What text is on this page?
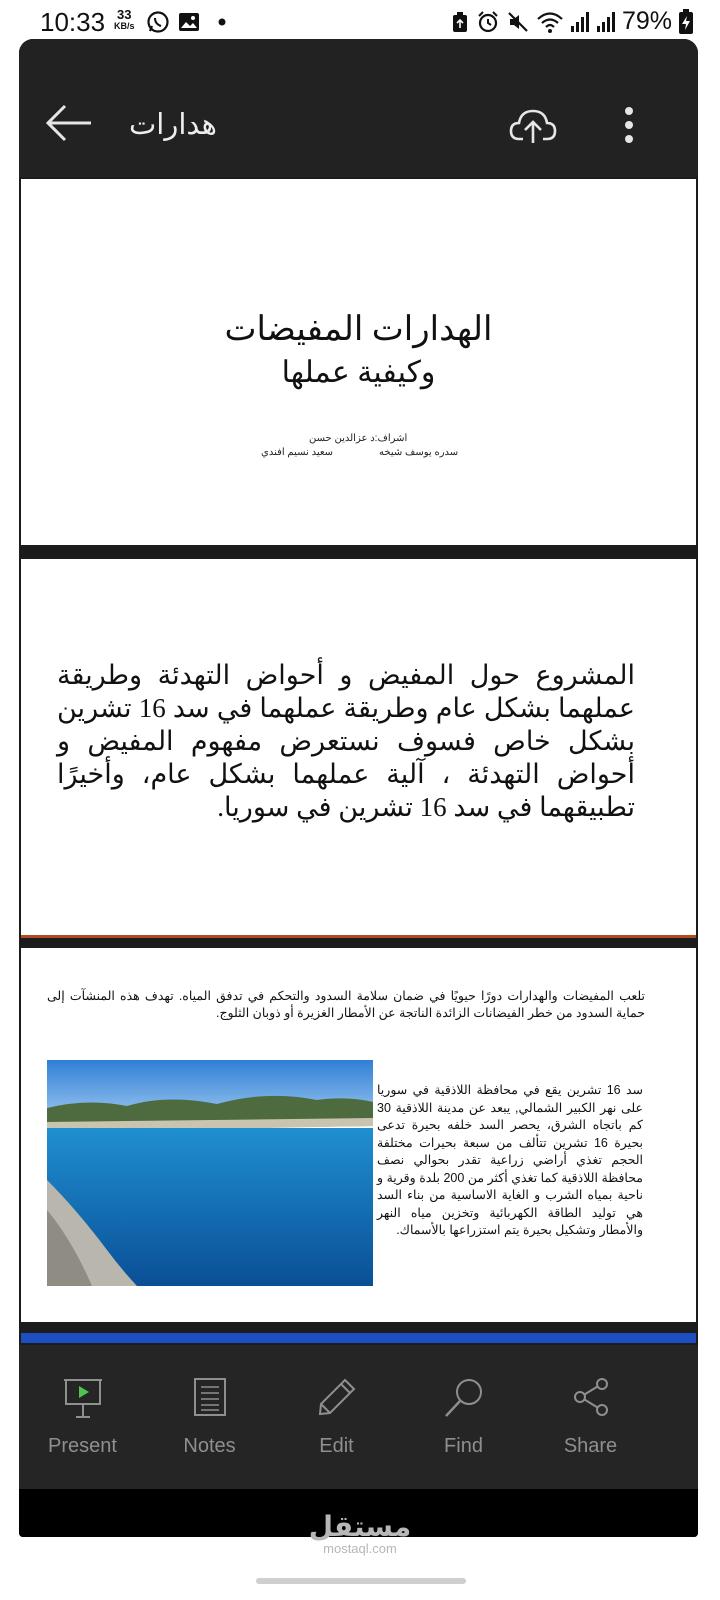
10:33 33
KB/s	79%
هدارات
الهدارات المفيضات
وكيفية عملها
اشراف:د عزالدين حسن
سدره يوسف شيخه
سعيد نسيم افندي
المشروع حول المفيض و أحواض التهدئة وطريقة عملهما بشكل عام وطريقة عملهما في سد 16 تشرين بشكل خاص فسوف نستعرض مفهوم المفيض و أحواض التهدئة ، آلية عملهما بشكل عام، وأخيرًا تطبيقهما في سد 16 تشرين في سوريا.
تلعب المفيضات والهدارات دورًا حيويًا في ضمان سلامة السدود والتحكم في تدفق المياه. تهدف هذه المنشآت إلى حماية السدود من خطر الفيضانات الزائدة الناتجة عن الأمطار الغزيرة أو ذوبان الثلوج.
سد 16 تشرين يقع في محافظة اللاذقية في سوريا على نهر الكبير الشمالي, يبعد عن مدينة اللاذقية 30 كم باتجاه الشرق، يحصر السد خلفه بحيرة تدعى بحيرة 16 تشرين تتألف من سبعة بحيرات مختلفة الحجم تغذي أراضي زراعية تقدر بحوالي نصف محافظة اللاذقية كما تغذي أكثر من 200 بلدة وقرية و ناحية بمياه الشرب و الغاية الاساسية من بناء السد هي توليد الطاقة الكهربائية وتخزين مياه النهر والأمطار وتشكيل بحيرة يتم استزراعها بالأسماك.
Present	Notes	Edit	Find	Share
مستقل
mostaql.com
